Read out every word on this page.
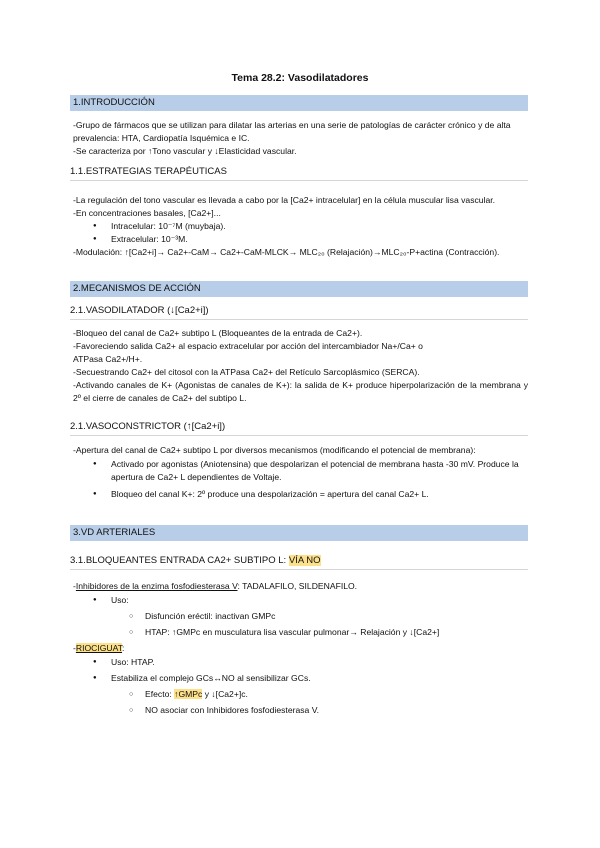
Tema 28.2: Vasodilatadores
1.INTRODUCCIÓN

-Grupo de fármacos que se utilizan para dilatar las arterias en una serie de patologías de carácter crónico y de alta prevalencia: HTA, Cardiopatía Isquémica e IC.

-Se caracteriza por ↑Tono vascular y ↓Elasticidad vascular.

1.1.ESTRATEGIAS TERAPÉUTICAS

-La regulación del tono vascular es llevada a cabo por la [Ca2+ intracelular] en la célula muscular lisa vascular.

-En concentraciones basales, [Ca2+]...

● Intracelular: 10⁻⁷M (muybaja).
● Extracelular: 10⁻³M.

-Modulación: ↑[Ca2+i]→ Ca2+-CaM→ Ca2+-CaM-MLCK→ MLC₂₀ (Relajación)→MLC₂₀-P+actina (Contracción).

2.MECANISMOS DE ACCIÓN
2.1.VASODILATADOR (↓[Ca2+i])

-Bloqueo del canal de Ca2+ subtipo L (Bloqueantes de la entrada de Ca2+).

-Favoreciendo salida Ca2+ al espacio extracelular por acción del intercambiador Na+/Ca+ o

ATPasa Ca2+/H+.

-Secuestrando Ca2+ del citosol con la ATPasa Ca2+ del Retículo Sarcoplásmico (SERCA).

-Activando canales de K+ (Agonistas de canales de K+): la salida de K+ produce hiperpolarización de la membrana y 2º el cierre de canales de Ca2+ del subtipo L.

2.1.VASOCONSTRICTOR (↑[Ca2+i])

-Apertura del canal de Ca2+ subtipo L por diversos mecanismos (modificando el potencial de membrana):

● Activado por agonistas (Aniotensina) que despolarizan el potencial de membrana hasta -30 mV. Produce la apertura de Ca2+ L dependientes de Voltaje.
● Bloqueo del canal K+: 2º produce una despolarización = apertura del canal Ca2+ L.
3.VD ARTERIALES
3.1.BLOQUEANTES ENTRADA CA2+ SUBTIPO L: VÍA NO

-Inhibidores de la enzima fosfodiesterasa V: TADALAFILO, SILDENAFILO.

● Uso:
○ Disfunción eréctil: inactivan GMPc
○ HTAP: ↑GMPc en musculatura lisa vascular pulmonar→ Relajación y ↓[Ca2+]

-RIOCIGUAT:

● Uso: HTAP.
● Estabiliza el complejo GCs↔NO al sensibilizar GCs.
○ Efecto: ↑GMPc y ↓[Ca2+]c.
○ NO asociar con Inhibidores fosfodiesterasa V.
